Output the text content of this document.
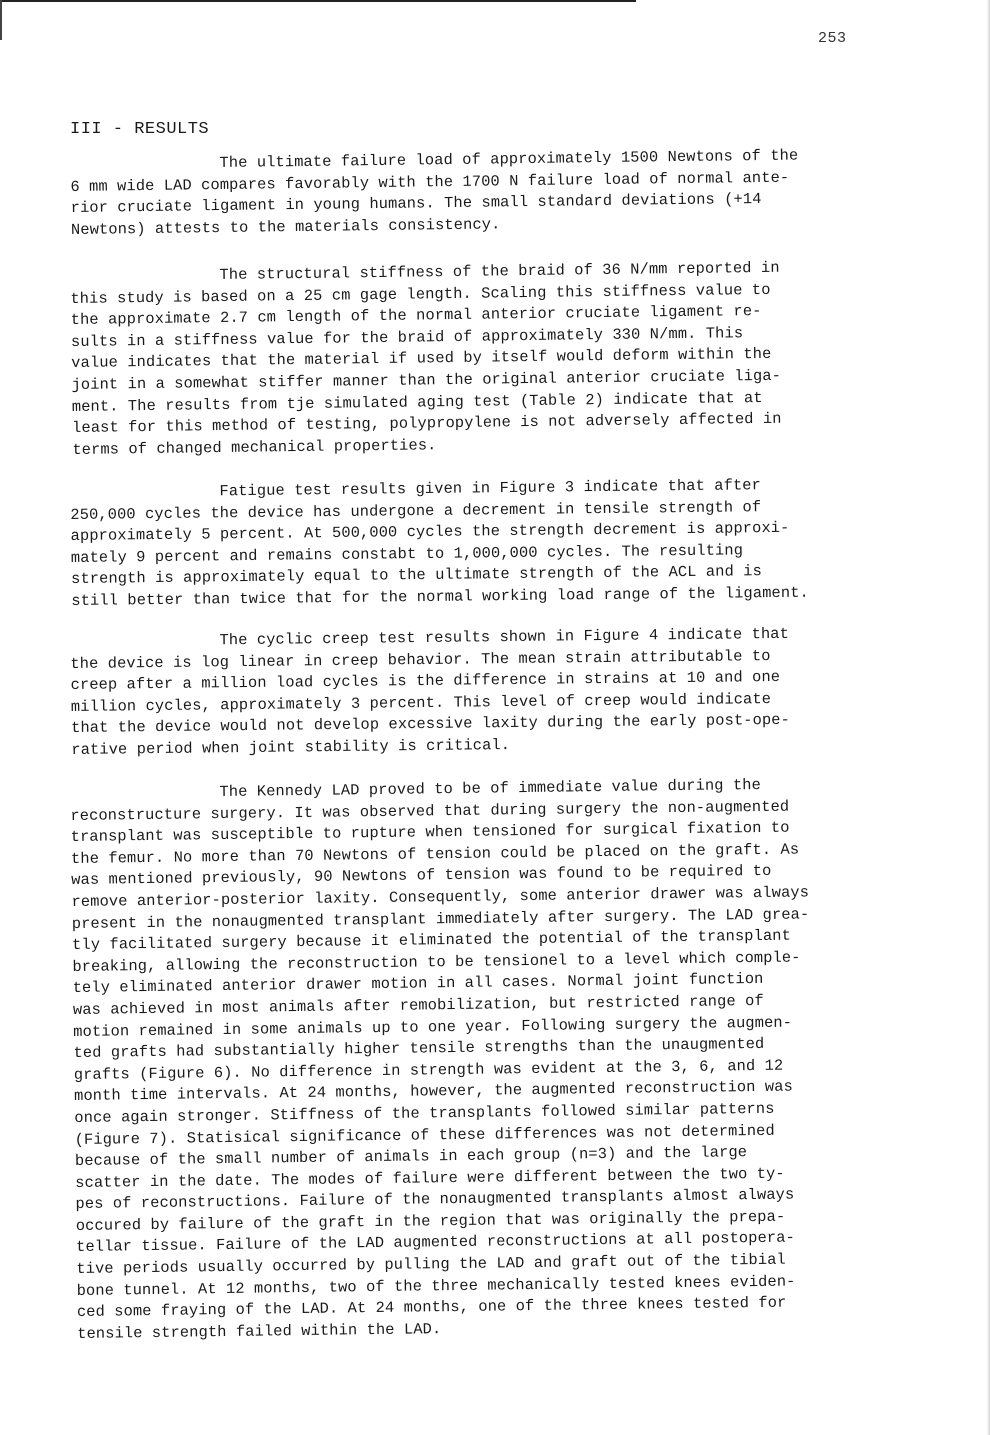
253
III - RESULTS

The ultimate failure load of approximately 1500 Newtons of the
6 mm wide LAD compares favorably with the 1700 N failure load of normal ante-
rior cruciate ligament in young humans. The small standard deviations (+14
Newtons) attests to the materials consistency.

The structural stiffness of the braid of 36 N/mm reported in
this study is based on a 25 cm gage length. Scaling this stiffness value to
the approximate 2.7 cm length of the normal anterior cruciate ligament re-
sults in a stiffness value for the braid of approximately 330 N/mm. This
value indicates that the material if used by itself would deform within the
joint in a somewhat stiffer manner than the original anterior cruciate liga-
ment. The results from tje simulated aging test (Table 2) indicate that at
least for this method of testing, polypropylene is not adversely affected in
terms of changed mechanical properties.

Fatigue test results given in Figure 3 indicate that after
250,000 cycles the device has undergone a decrement in tensile strength of
approximately 5 percent. At 500,000 cycles the strength decrement is approxi-
mately 9 percent and remains constabt to 1,000,000 cycles. The resulting
strength is approximately equal to the ultimate strength of the ACL and is
still better than twice that for the normal working load range of the ligament.

The cyclic creep test results shown in Figure 4 indicate that
the device is log linear in creep behavior. The mean strain attributable to
creep after a million load cycles is the difference in strains at 10 and one
million cycles, approximately 3 percent. This level of creep would indicate
that the device would not develop excessive laxity during the early post-ope-
rative period when joint stability is critical.

The Kennedy LAD proved to be of immediate value during the
reconstructure surgery. It was observed that during surgery the non-augmented
transplant was susceptible to rupture when tensioned for surgical fixation to
the femur. No more than 70 Newtons of tension could be placed on the graft. As
was mentioned previously, 90 Newtons of tension was found to be required to
remove anterior-posterior laxity. Consequently, some anterior drawer was always
present in the nonaugmented transplant immediately after surgery. The LAD grea-
tly facilitated surgery because it eliminated the potential of the transplant
breaking, allowing the reconstruction to be tensionel to a level which comple-
tely eliminated anterior drawer motion in all cases. Normal joint function
was achieved in most animals after remobilization, but restricted range of
motion remained in some animals up to one year. Following surgery the augmen-
ted grafts had substantially higher tensile strengths than the unaugmented
grafts (Figure 6). No difference in strength was evident at the 3, 6, and 12
month time intervals. At 24 months, however, the augmented reconstruction was
once again stronger. Stiffness of the transplants followed similar patterns
(Figure 7). Statisical significance of these differences was not determined
because of the small number of animals in each group (n=3) and the large
scatter in the date. The modes of failure were different between the two ty-
pes of reconstructions. Failure of the nonaugmented transplants almost always
occured by failure of the graft in the region that was originally the prepa-
tellar tissue. Failure of the LAD augmented reconstructions at all postopera-
tive periods usually occurred by pulling the LAD and graft out of the tibial
bone tunnel. At 12 months, two of the three mechanically tested knees eviden-
ced some fraying of the LAD. At 24 months, one of the three knees tested for
tensile strength failed within the LAD.
